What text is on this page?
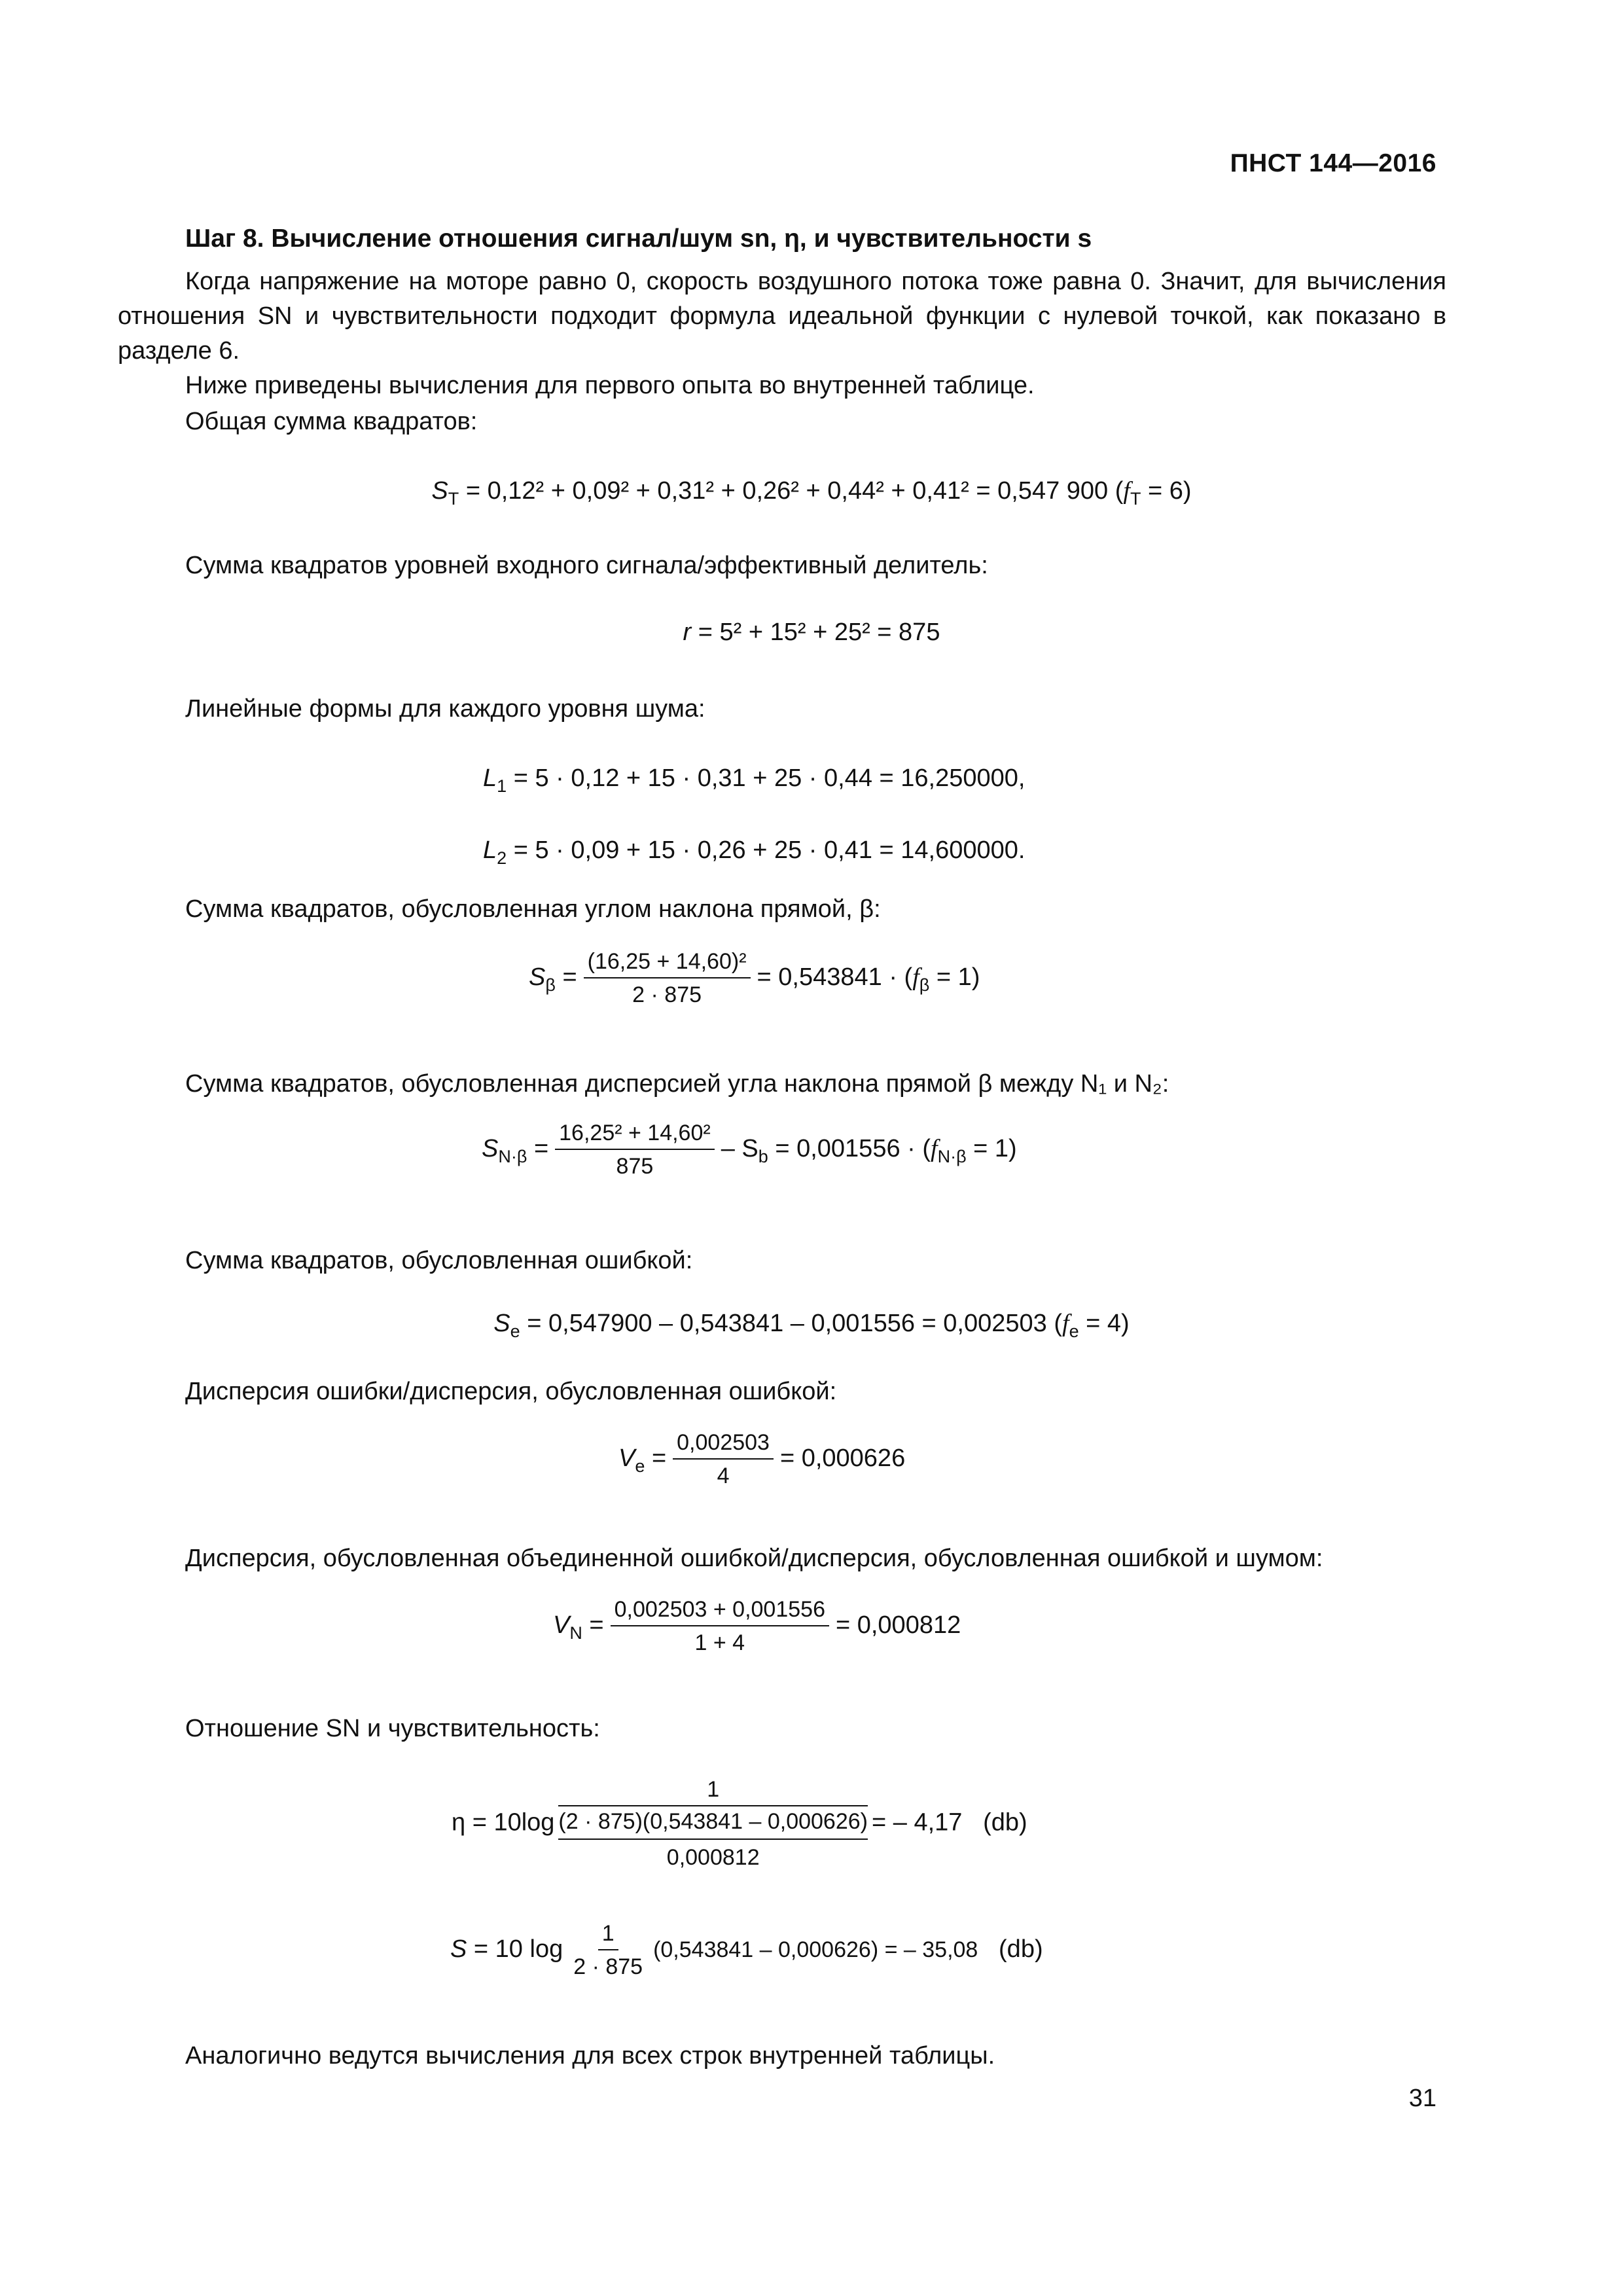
ПНСТ 144—2016
Шаг 8. Вычисление отношения сигнал/шум sn, η, и чувствительности s
Когда напряжение на моторе равно 0, скорость воздушного потока тоже равна 0. Значит, для вычисления отношения SN и чувствительности подходит формула идеальной функции с нулевой точкой, как показано в разделе 6.
Ниже приведены вычисления для первого опыта во внутренней таблице.
Общая сумма квадратов:
$S_T = 0,12^2 + 0,09^2 + 0,31^2 + 0,26^2 + 0,44^2 + 0,41^2 = 0,547$ 900 $(f_T = 6)$
Сумма квадратов уровней входного сигнала/эффективный делитель:
r = 5² + 15² + 25² = 875
Линейные формы для каждого уровня шума:
$L_1 = 5 \cdot 0,12 + 15 \cdot 0,31 + 25 \cdot 0,44 = 16,250000$,
$L_2 = 5 \cdot 0,09 + 15 \cdot 0,26 + 25 \cdot 0,41 = 14,600000$.
Сумма квадратов, обусловленная углом наклона прямой, β:
$S_\beta = \frac{\text{(16,25 + 14,60)²}}{2 \cdot 875} = 0,543841 \cdot (f_\beta = 1)$
Сумма квадратов, обусловленная дисперсией угла наклона прямой β между N₁ и N₂:
$S_{N\cdot\beta} = \frac{\text{16,25² + 14,60²}}{875} - S_b = 0,001556 \cdot (f_{N\cdot\beta} = 1)$
Сумма квадратов, обусловленная ошибкой:
$S_e = 0,547900 - 0,543841 - 0,001556 = 0,002503$ $(f_e = 4)$
Дисперсия ошибки/дисперсия, обусловленная ошибкой:
$V_e = \frac{0,002503}{4} = 0,000626$
Дисперсия, обусловленная объединенной ошибкой/дисперсия, обусловленная ошибкой и шумом:
$V_N = \frac{0,002503 + 0,001556}{1 + 4} = 0,000812$
Отношение SN и чувствительность:
$\eta = 10\log \frac{\frac{1}{(2 \cdot 875)(0,543841 - 0,000626)}}{0,000812}$ = – 4,17 (db)
S = 10 $\log \frac{1}{2 \cdot 875} (0,543841 - 0,000626)$ = – 35,08 (db)
Аналогично ведутся вычисления для всех строк внутренней таблицы.
31
